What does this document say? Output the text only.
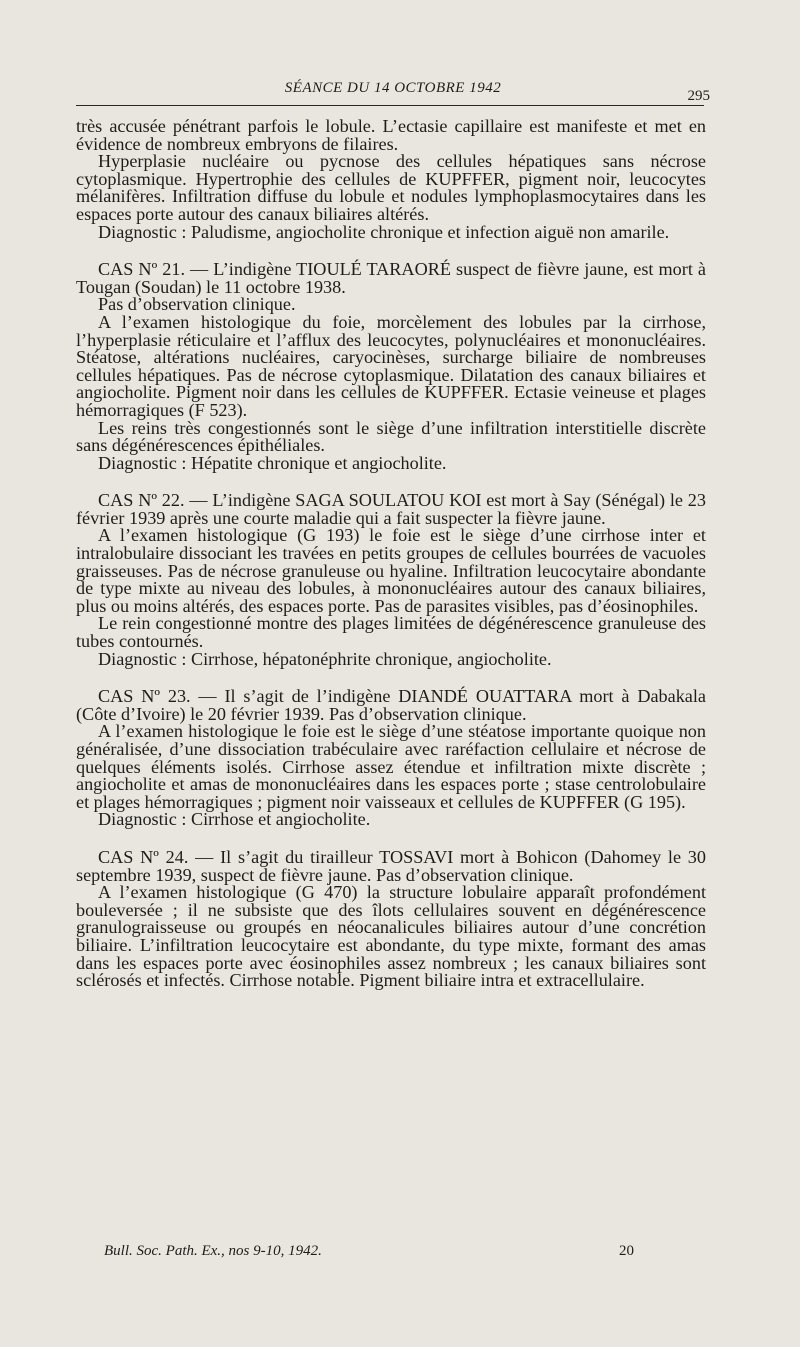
SÉANCE DU 14 OCTOBRE 1942	295

très accusée pénétrant parfois le lobule. L’ectasie capillaire est manifeste et met en évidence de nombreux embryons de filaires.

Hyperplasie nucléaire ou pycnose des cellules hépatiques sans nécrose cytoplasmique. Hypertrophie des cellules de KUPFFER, pigment noir, leucocytes mélanifères. Infiltration diffuse du lobule et nodules lymphoplasmocytaires dans les espaces porte autour des canaux biliaires altérés.

Diagnostic : Paludisme, angiocholite chronique et infection aiguë non amarile.

CAS Nº 21. — L’indigène TIOULÉ TARAORÉ suspect de fièvre jaune, est mort à Tougan (Soudan) le 11 octobre 1938.

Pas d’observation clinique.

A l’examen histologique du foie, morcèlement des lobules par la cirrhose, l’hyperplasie réticulaire et l’afflux des leucocytes, polynucléaires et mononucléaires. Stéatose, altérations nucléaires, caryocinèses, surcharge biliaire de nombreuses cellules hépatiques. Pas de nécrose cytoplasmique. Dilatation des canaux biliaires et angiocholite. Pigment noir dans les cellules de KUPFFER. Ectasie veineuse et plages hémorragiques (F 523).

Les reins très congestionnés sont le siège d’une infiltration interstitielle discrète sans dégénérescences épithéliales.

Diagnostic : Hépatite chronique et angiocholite.

CAS Nº 22. — L’indigène SAGA SOULATOU KOI est mort à Say (Sénégal) le 23 février 1939 après une courte maladie qui a fait suspecter la fièvre jaune.

A l’examen histologique (G 193) le foie est le siège d’une cirrhose inter et intralobulaire dissociant les travées en petits groupes de cellules bourrées de vacuoles graisseuses. Pas de nécrose granuleuse ou hyaline. Infiltration leucocytaire abondante de type mixte au niveau des lobules, à mononucléaires autour des canaux biliaires, plus ou moins altérés, des espaces porte. Pas de parasites visibles, pas d’éosinophiles.

Le rein congestionné montre des plages limitées de dégénérescence granuleuse des tubes contournés.

Diagnostic : Cirrhose, hépatonéphrite chronique, angiocholite.

CAS Nº 23. — Il s’agit de l’indigène DIANDÉ OUATTARA mort à Dabakala (Côte d’Ivoire) le 20 février 1939. Pas d’observation clinique.

A l’examen histologique le foie est le siège d’une stéatose importante quoique non généralisée, d’une dissociation trabéculaire avec raréfaction cellulaire et nécrose de quelques éléments isolés. Cirrhose assez étendue et infiltration mixte discrète ; angiocholite et amas de mononucléaires dans les espaces porte ; stase centrolobulaire et plages hémorragiques ; pigment noir vaisseaux et cellules de KUPFFER (G 195).

Diagnostic : Cirrhose et angiocholite.

CAS Nº 24. — Il s’agit du tirailleur TOSSAVI mort à Bohicon (Dahomey le 30 septembre 1939, suspect de fièvre jaune. Pas d’observation clinique.

A l’examen histologique (G 470) la structure lobulaire apparaît profondément bouleversée ; il ne subsiste que des îlots cellulaires souvent en dégénérescence granulograisseuse ou groupés en néocanalicules biliaires autour d’une concrétion biliaire. L’infiltration leucocytaire est abondante, du type mixte, formant des amas dans les espaces porte avec éosinophiles assez nombreux ; les canaux biliaires sont sclérosés et infectés. Cirrhose notable. Pigment biliaire intra et extracellulaire.

Bull. Soc. Path. Ex., nos 9-10, 1942.	20
